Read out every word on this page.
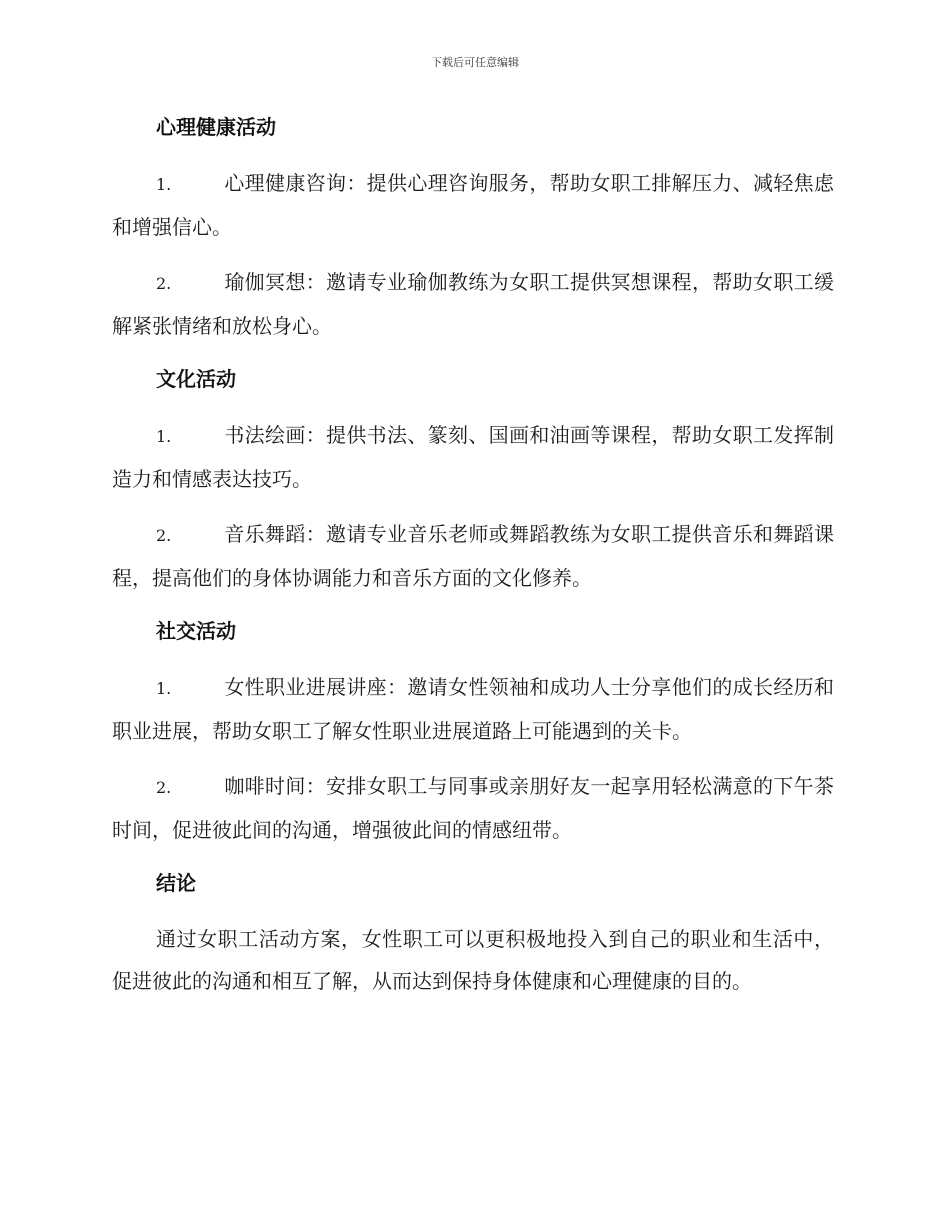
下载后可任意编辑
心理健康活动
1.	心理健康咨询：提供心理咨询服务，帮助女职工排解压力、减轻焦虑和增强信心。
2.	瑜伽冥想：邀请专业瑜伽教练为女职工提供冥想课程，帮助女职工缓解紧张情绪和放松身心。
文化活动
1.	书法绘画：提供书法、篆刻、国画和油画等课程，帮助女职工发挥制造力和情感表达技巧。
2.	音乐舞蹈：邀请专业音乐老师或舞蹈教练为女职工提供音乐和舞蹈课程，提高他们的身体协调能力和音乐方面的文化修养。
社交活动
1.	女性职业进展讲座：邀请女性领袖和成功人士分享他们的成长经历和职业进展，帮助女职工了解女性职业进展道路上可能遇到的关卡。
2.	咖啡时间：安排女职工与同事或亲朋好友一起享用轻松满意的下午茶时间，促进彼此间的沟通，增强彼此间的情感纽带。
结论

通过女职工活动方案，女性职工可以更积极地投入到自己的职业和生活中，促进彼此的沟通和相互了解，从而达到保持身体健康和心理健康的目的。
